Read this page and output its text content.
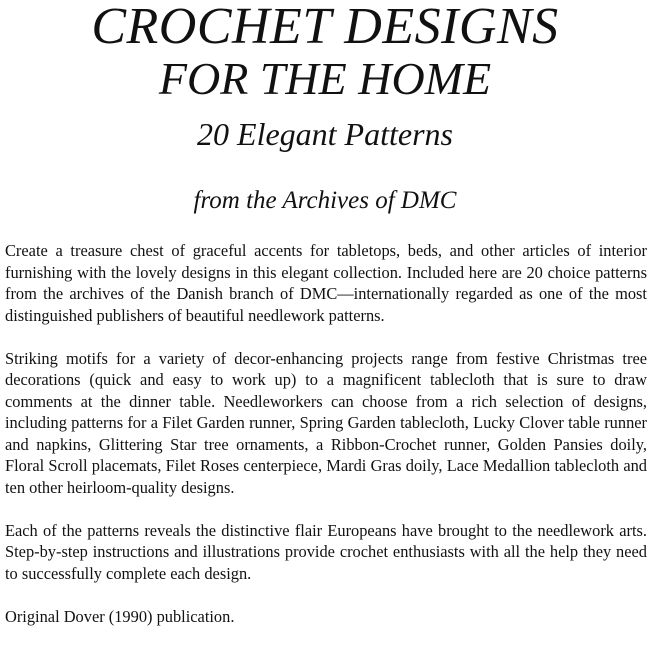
CROCHET DESIGNS
FOR THE HOME
20 Elegant Patterns
from the Archives of DMC

Create a treasure chest of graceful accents for tabletops, beds, and other articles of interior furnishing with the lovely designs in this elegant collection. Included here are 20 choice patterns from the archives of the Danish branch of DMC—internationally regarded as one of the most distinguished publishers of beautiful needlework patterns.

Striking motifs for a variety of decor-enhancing projects range from festive Christmas tree decorations (quick and easy to work up) to a magnificent tablecloth that is sure to draw comments at the dinner table. Needleworkers can choose from a rich selection of designs, including patterns for a Filet Garden runner, Spring Garden tablecloth, Lucky Clover table runner and napkins, Glittering Star tree ornaments, a Ribbon-Crochet runner, Golden Pansies doily, Floral Scroll placemats, Filet Roses centerpiece, Mardi Gras doily, Lace Medallion tablecloth and ten other heirloom-quality designs.

Each of the patterns reveals the distinctive flair Europeans have brought to the needlework arts. Step-by-step instructions and illustrations provide crochet enthusiasts with all the help they need to successfully complete each design.

Original Dover (1990) publication.
